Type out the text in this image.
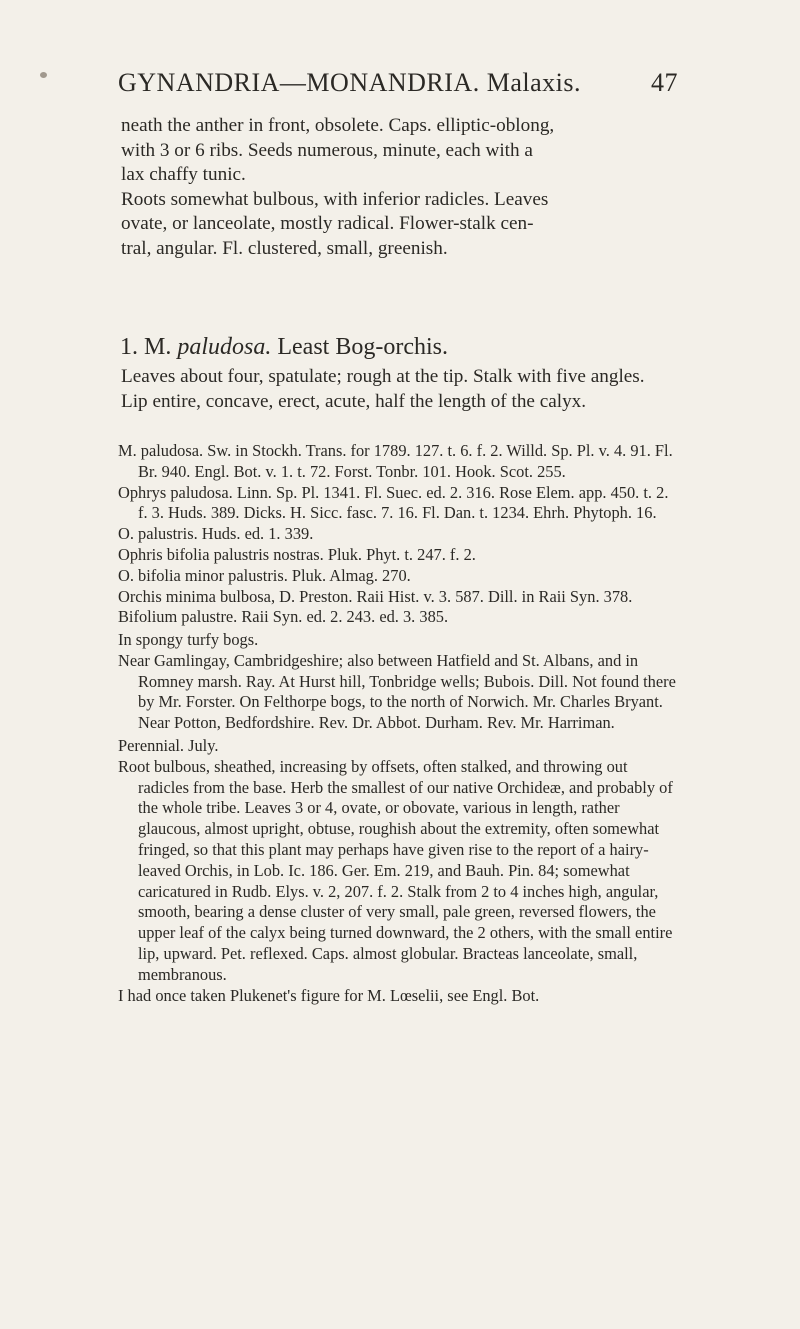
GYNANDRIA—MONANDRIA. Malaxis.	47

neath the anther in front, obsolete. Caps. elliptic-oblong,

with 3 or 6 ribs. Seeds numerous, minute, each with a

lax chaffy tunic.

Roots somewhat bulbous, with inferior radicles. Leaves

ovate, or lanceolate, mostly radical. Flower-stalk cen-

tral, angular. Fl. clustered, small, greenish.

1. M. paludosa. Least Bog-orchis.
Leaves about four, spatulate; rough at the tip. Stalk with five angles. Lip entire, concave, erect, acute, half the length of the calyx.

M. paludosa. Sw. in Stockh. Trans. for 1789. 127. t. 6. f. 2. Willd. Sp. Pl. v. 4. 91. Fl. Br. 940. Engl. Bot. v. 1. t. 72. Forst. Tonbr. 101. Hook. Scot. 255.

Ophrys paludosa. Linn. Sp. Pl. 1341. Fl. Suec. ed. 2. 316. Rose Elem. app. 450. t. 2. f. 3. Huds. 389. Dicks. H. Sicc. fasc. 7. 16. Fl. Dan. t. 1234. Ehrh. Phytoph. 16.

O. palustris. Huds. ed. 1. 339.

Ophris bifolia palustris nostras. Pluk. Phyt. t. 247. f. 2.

O. bifolia minor palustris. Pluk. Almag. 270.

Orchis minima bulbosa, D. Preston. Raii Hist. v. 3. 587. Dill. in Raii Syn. 378.

Bifolium palustre. Raii Syn. ed. 2. 243. ed. 3. 385.

In spongy turfy bogs.

Near Gamlingay, Cambridgeshire; also between Hatfield and St. Albans, and in Romney marsh. Ray. At Hurst hill, Tonbridge wells; Bubois. Dill. Not found there by Mr. Forster. On Felthorpe bogs, to the north of Norwich. Mr. Charles Bryant. Near Potton, Bedfordshire. Rev. Dr. Abbot. Durham. Rev. Mr. Harriman.

Perennial. July.

Root bulbous, sheathed, increasing by offsets, often stalked, and throwing out radicles from the base. Herb the smallest of our native Orchideæ, and probably of the whole tribe. Leaves 3 or 4, ovate, or obovate, various in length, rather glaucous, almost upright, obtuse, roughish about the extremity, often somewhat fringed, so that this plant may perhaps have given rise to the report of a hairy-leaved Orchis, in Lob. Ic. 186. Ger. Em. 219, and Bauh. Pin. 84; somewhat caricatured in Rudb. Elys. v. 2, 207. f. 2. Stalk from 2 to 4 inches high, angular, smooth, bearing a dense cluster of very small, pale green, reversed flowers, the upper leaf of the calyx being turned downward, the 2 others, with the small entire lip, upward. Pet. reflexed. Caps. almost globular. Bracteas lanceolate, small, membranous.

I had once taken Plukenet's figure for M. Lœselii, see Engl. Bot.
